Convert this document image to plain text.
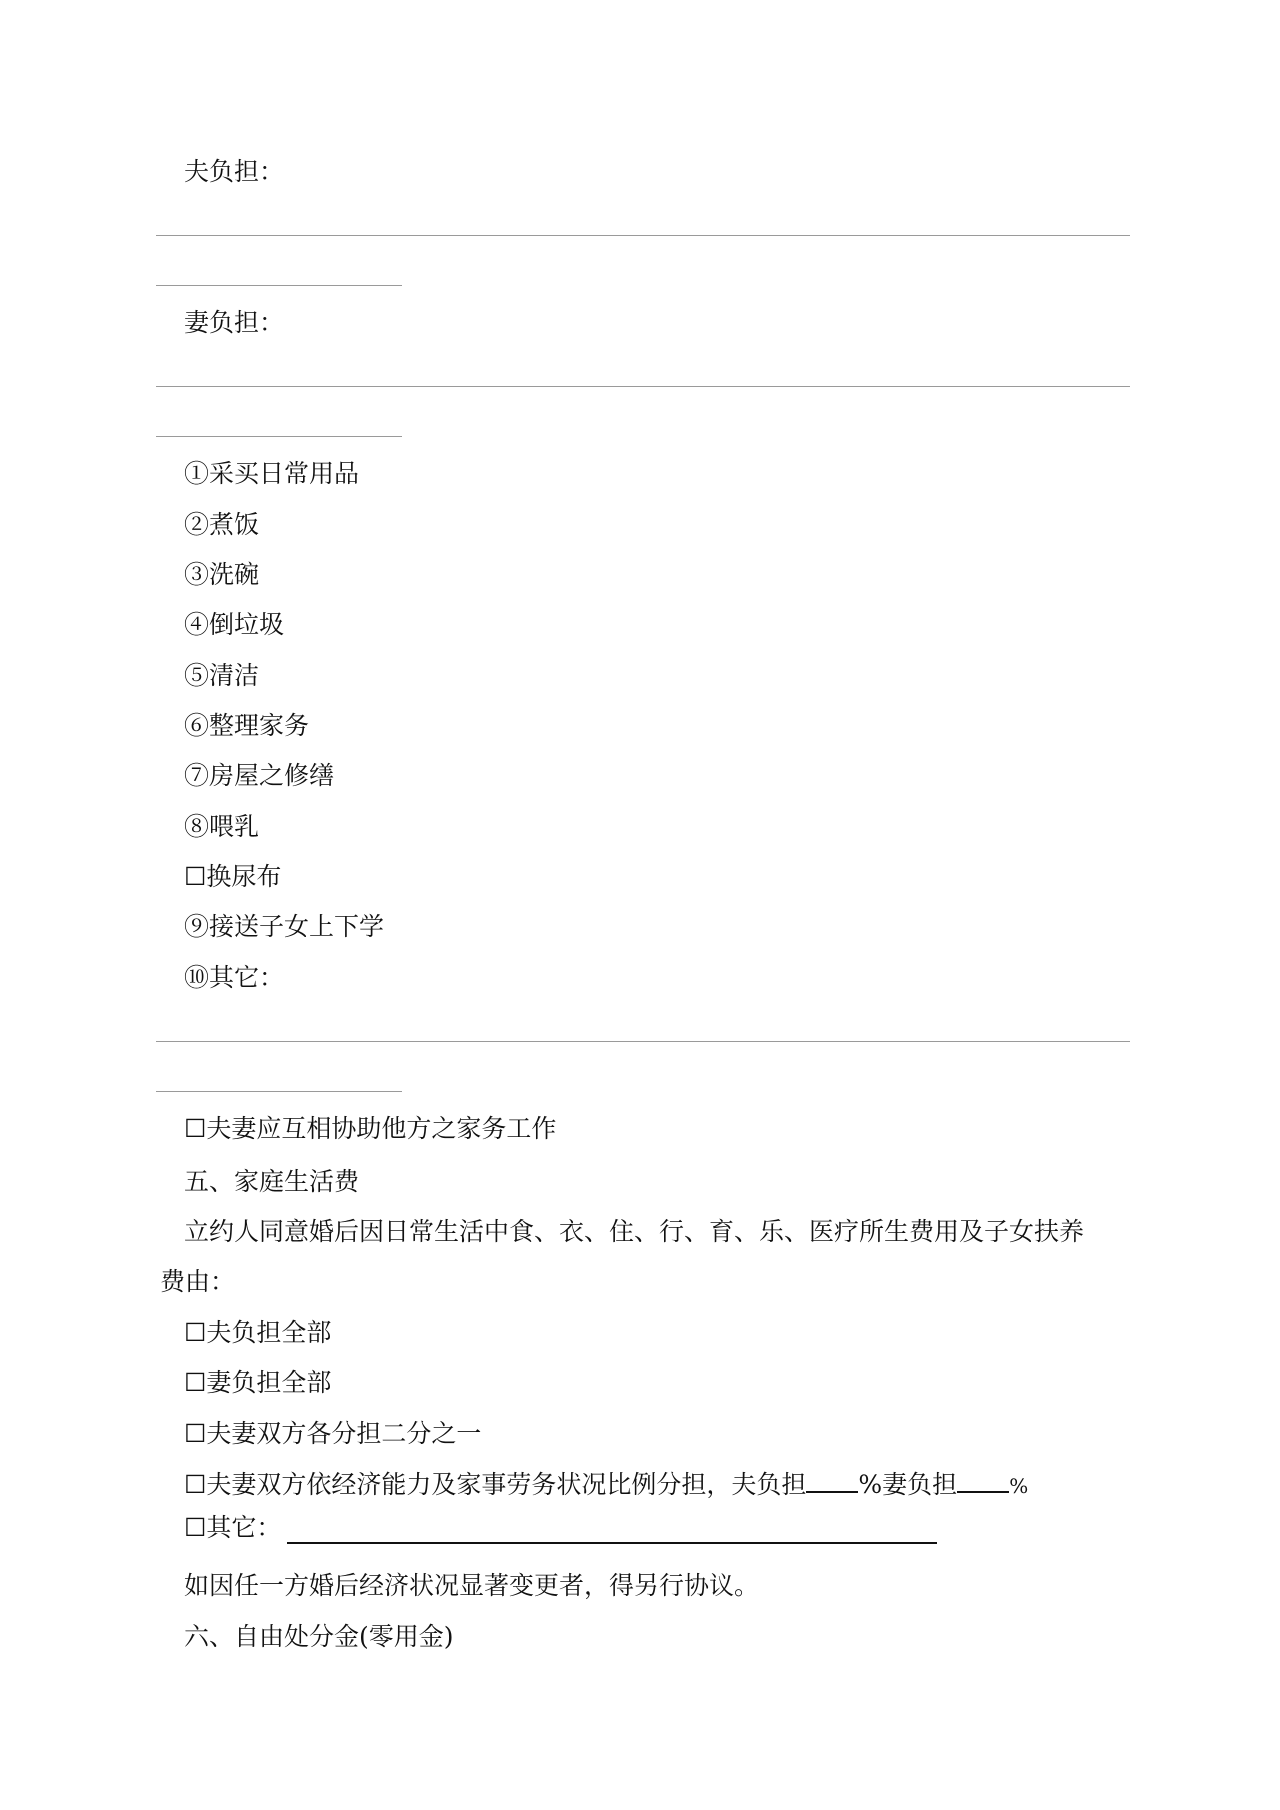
夫负担：
妻负担：
①采买日常用品
②煮饭
③洗碗
④倒垃圾
⑤清洁
⑥整理家务
⑦房屋之修缮
⑧喂乳
☐换尿布
⑨接送子女上下学
⑩其它：
☐夫妻应互相协助他方之家务工作
五、家庭生活费
立约人同意婚后因日常生活中食、衣、住、行、育、乐、医疗所生费用及子女扶养
费由：
☐夫负担全部
☐妻负担全部
☐夫妻双方各分担二分之一
☐夫妻双方依经济能力及家事劳务状况比例分担，夫负担 %妻负担	%
☐其它：
如因任一方婚后经济状况显著变更者，得另行协议。
六、自由处分金(零用金)
